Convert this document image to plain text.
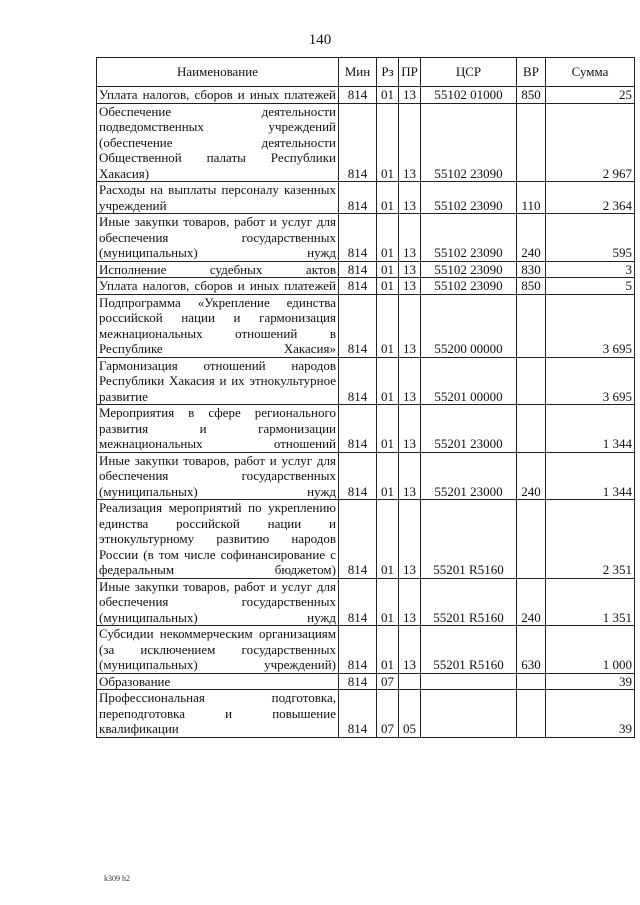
140
Наименование	Мин	Рз	ПР	ЦСР	ВР	Сумма
Уплата налогов, сборов и иных платежей	814	01	13	55102 01000	850	25
Обеспечение деятельности подведомственных учреждений (обеспечение деятельности Общественной палаты Республики Хакасия)	814	01	13	55102 23090		2 967
Расходы на выплаты персоналу казенных учреждений	814	01	13	55102 23090	110	2 364
Иные закупки товаров, работ и услуг для обеспечения государственных (муниципальных) нужд	814	01	13	55102 23090	240	595
Исполнение судебных актов	814	01	13	55102 23090	830	3
Уплата налогов, сборов и иных платежей	814	01	13	55102 23090	850	5
Подпрограмма «Укрепление единства российской нации и гармонизация межнациональных отношений в Республике Хакасия»	814	01	13	55200 00000		3 695
Гармонизация отношений народов Республики Хакасия и их этнокультурное развитие	814	01	13	55201 00000		3 695
Мероприятия в сфере регионального развития и гармонизации межнациональных отношений	814	01	13	55201 23000		1 344
Иные закупки товаров, работ и услуг для обеспечения государственных (муниципальных) нужд	814	01	13	55201 23000	240	1 344
Реализация мероприятий по укреплению единства российской нации и этнокультурному развитию народов России (в том числе софинансирование с федеральным бюджетом)	814	01	13	55201 R5160		2 351
Иные закупки товаров, работ и услуг для обеспечения государственных (муниципальных) нужд	814	01	13	55201 R5160	240	1 351
Субсидии некоммерческим организациям (за исключением государственных (муниципальных) учреждений)	814	01	13	55201 R5160	630	1 000
Образование	814	07				39
Профессиональная подготовка, переподготовка и повышение квалификации	814	07	05			39
k309 h2
